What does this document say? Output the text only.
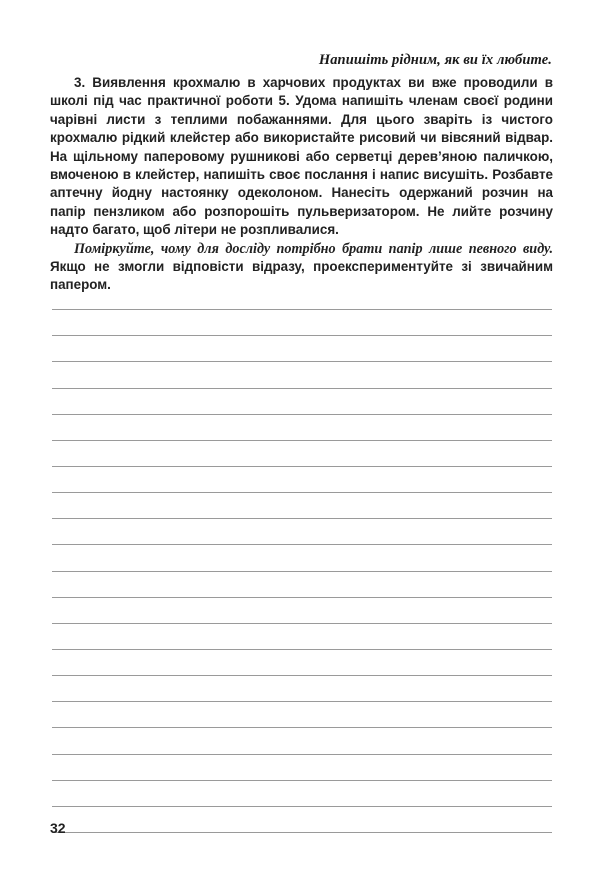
Напишіть рідним, як ви їх любите.

3. Виявлення крохмалю в харчових продуктах ви вже проводили в школі під час практичної роботи 5. Удома напишіть членам своєї родини чарівні листи з теплими побажаннями. Для цього зваріть із чистого крохмалю рідкий клейстер або використайте рисовий чи вівсяний відвар. На щільному паперовому рушникові або серветці дерев’яною паличкою, вмоченою в клейстер, напишіть своє послання і напис висушіть. Розбавте аптечну йодну настоянку одеколоном. Нанесіть одержаний розчин на папір пензликом або розпорошіть пульверизатором. Не лийте розчину надто багато, щоб літери не розпливалися.

Поміркуйте, чому для досліду потрібно брати папір лише певного виду. Якщо не змогли відповісти відразу, проекспериментуйте зі звичайним папером.

32
